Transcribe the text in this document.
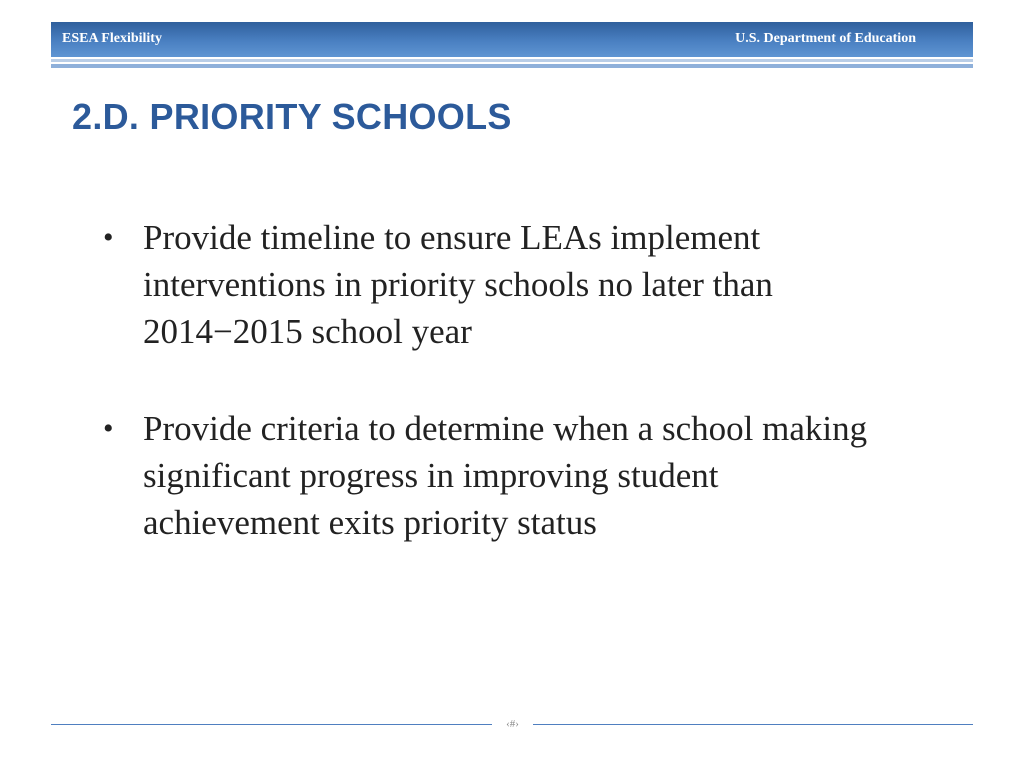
ESEA Flexibility	U.S. Department of Education
2.D. PRIORITY SCHOOLS
• Provide timeline to ensure LEAs implement
interventions in priority schools no later than
2014−2015 school year
• Provide criteria to determine when a school making
significant progress in improving student
achievement exits priority status
‹#›
